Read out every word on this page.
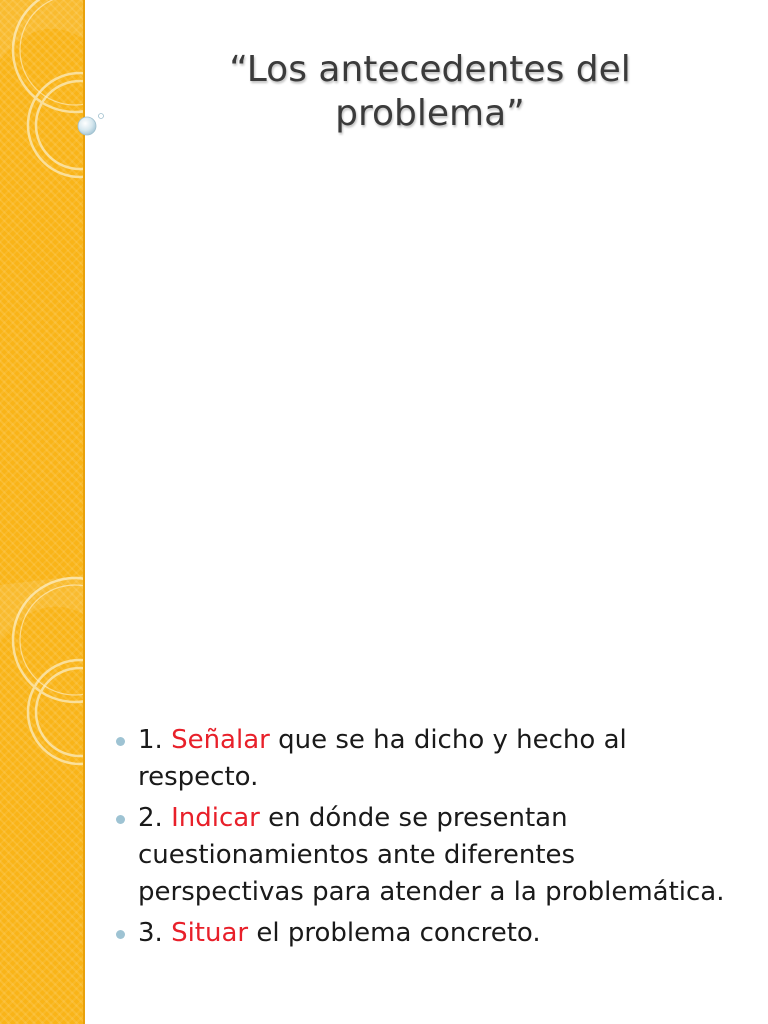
“Los antecedentes del problema”
1. Señalar que se ha dicho y hecho al respecto.
2. Indicar en dónde se presentan cuestionamientos ante diferentes perspectivas para atender a la problemática.
3. Situar el problema concreto.
